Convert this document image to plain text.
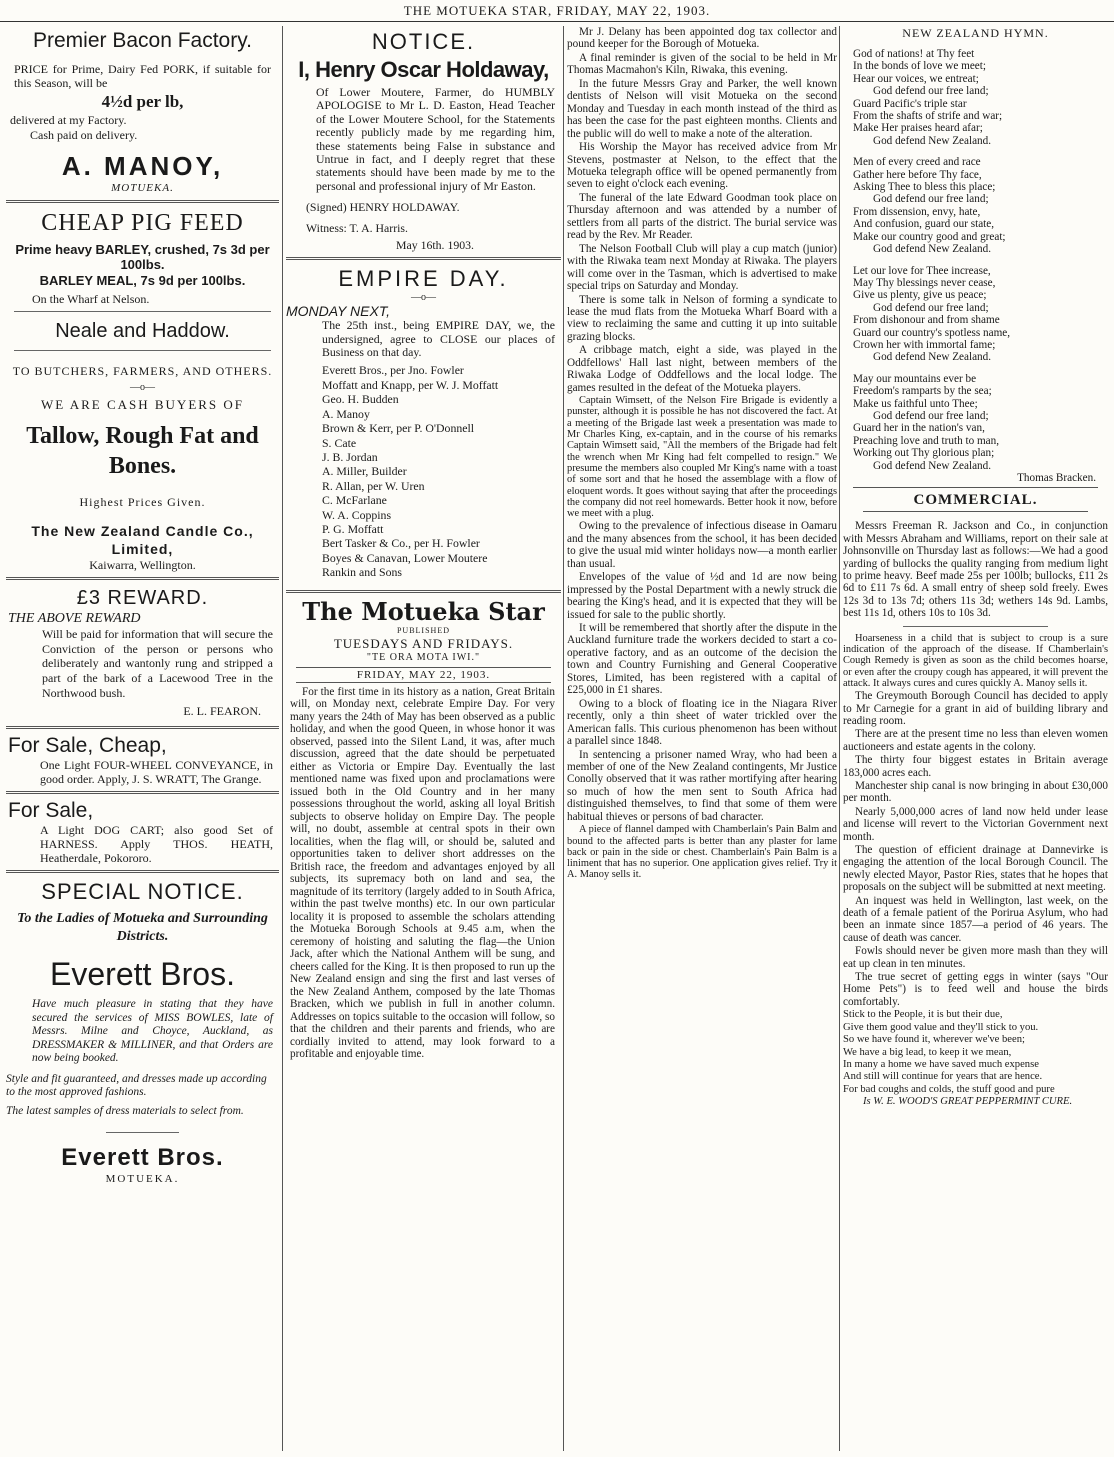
THE MOTUEKA STAR, FRIDAY, MAY 22, 1903.
Premier Bacon Factory.

PRICE for Prime, Dairy Fed PORK, if suitable for this Season, will be

4½d per lb,

delivered at my Factory.

Cash paid on delivery.

A. MANOY,
MOTUEKA.
CHEAP PIG FEED

Prime heavy BARLEY, crushed, 7s 3d per 100lbs.

BARLEY MEAL, 7s 9d per 100lbs.

On the Wharf at Nelson.

Neale and Haddow.

TO BUTCHERS, FARMERS, AND OTHERS.

—o—

WE ARE CASH BUYERS OF

Tallow, Rough Fat and Bones.

Highest Prices Given.

The New Zealand Candle Co., Limited,
Kaiwarra, Wellington.
£3 REWARD.
THE ABOVE REWARD

Will be paid for information that will secure the Conviction of the person or persons who deliberately and wantonly rung and stripped a part of the bark of a Lacewood Tree in the Northwood bush.

E. L. FEARON.

For Sale, Cheap,

One Light FOUR-WHEEL CONVEYANCE, in good order. Apply, J. S. WRATT, The Grange.

For Sale,

A Light DOG CART; also good Set of HARNESS. Apply THOS. HEATH, Heatherdale, Pokororo.

SPECIAL NOTICE.
To the Ladies of Motueka and Surrounding Districts.
Everett Bros.

Have much pleasure in stating that they have secured the services of MISS BOWLES, late of Messrs. Milne and Choyce, Auckland, as DRESSMAKER & MILLINER, and that Orders are now being booked.

Style and fit guaranteed, and dresses made up according to the most approved fashions.

The latest samples of dress materials to select from.

Everett Bros.
MOTUEKA.
NOTICE.
I, Henry Oscar Holdaway,

Of Lower Moutere, Farmer, do HUMBLY APOLOGISE to Mr L. D. Easton, Head Teacher of the Lower Moutere School, for the Statements recently publicly made by me regarding him, these statements being False in substance and Untrue in fact, and I deeply regret that these statements should have been made by me to the personal and professional injury of Mr Easton.

(Signed) HENRY HOLDAWAY.

Witness: T. A. Harris.

May 16th. 1903.

EMPIRE DAY.
—o—
MONDAY NEXT,

The 25th inst., being EMPIRE DAY, we, the undersigned, agree to CLOSE our places of Business on that day.

Everett Bros., per Jno. Fowler

Moffatt and Knapp, per W. J. Moffatt

Geo. H. Budden

A. Manoy

Brown & Kerr, per P. O'Donnell

S. Cate

J. B. Jordan

A. Miller, Builder

R. Allan, per W. Uren

C. McFarlane

W. A. Coppins

P. G. Moffatt

Bert Tasker & Co., per H. Fowler

Boyes & Canavan, Lower Moutere

Rankin and Sons

The Motueka Star
PUBLISHED
TUESDAYS AND FRIDAYS.
"TE ORA MOTA IWI."
FRIDAY, MAY 22, 1903.

For the first time in its history as a nation, Great Britain will, on Monday next, celebrate Empire Day. For very many years the 24th of May has been observed as a public holiday, and when the good Queen, in whose honor it was observed, passed into the Silent Land, it was, after much discussion, agreed that the date should be perpetuated either as Victoria or Empire Day. Eventually the last mentioned name was fixed upon and proclamations were issued both in the Old Country and in her many possessions throughout the world, asking all loyal British subjects to observe holiday on Empire Day. The people will, no doubt, assemble at central spots in their own localities, when the flag will, or should be, saluted and opportunities taken to deliver short addresses on the British race, the freedom and advantages enjoyed by all subjects, its supremacy both on land and sea, the magnitude of its territory (largely added to in South Africa, within the past twelve months) etc. In our own particular locality it is proposed to assemble the scholars attending the Motueka Borough Schools at 9.45 a.m, when the ceremony of hoisting and saluting the flag—the Union Jack, after which the National Anthem will be sung, and cheers called for the King. It is then proposed to run up the New Zealand ensign and sing the first and last verses of the New Zealand Anthem, composed by the late Thomas Bracken, which we publish in full in another column. Addresses on topics suitable to the occasion will follow, so that the children and their parents and friends, who are cordially invited to attend, may look forward to a profitable and enjoyable time.

Mr J. Delany has been appointed dog tax collector and pound keeper for the Borough of Motueka.

A final reminder is given of the social to be held in Mr Thomas Macmahon's Kiln, Riwaka, this evening.

In the future Messrs Gray and Parker, the well known dentists of Nelson will visit Motueka on the second Monday and Tuesday in each month instead of the third as has been the case for the past eighteen months. Clients and the public will do well to make a note of the alteration.

His Worship the Mayor has received advice from Mr Stevens, postmaster at Nelson, to the effect that the Motueka telegraph office will be opened permanently from seven to eight o'clock each evening.

The funeral of the late Edward Goodman took place on Thursday afternoon and was attended by a number of settlers from all parts of the district. The burial service was read by the Rev. Mr Reader.

The Nelson Football Club will play a cup match (junior) with the Riwaka team next Monday at Riwaka. The players will come over in the Tasman, which is advertised to make special trips on Saturday and Monday.

There is some talk in Nelson of forming a syndicate to lease the mud flats from the Motueka Wharf Board with a view to reclaiming the same and cutting it up into suitable grazing blocks.

A cribbage match, eight a side, was played in the Oddfellows' Hall last night, between members of the Riwaka Lodge of Oddfellows and the local lodge. The games resulted in the defeat of the Motueka players.

Captain Wimsett, of the Nelson Fire Brigade is evidently a punster, although it is possible he has not discovered the fact. At a meeting of the Brigade last week a presentation was made to Mr Charles King, ex-captain, and in the course of his remarks Captain Wimsett said, "All the members of the Brigade had felt the wrench when Mr King had felt compelled to resign." We presume the members also coupled Mr King's name with a toast of some sort and that he hosed the assemblage with a flow of eloquent words. It goes without saying that after the proceedings the company did not reel homewards. Better hook it now, before we meet with a plug.

Owing to the prevalence of infectious disease in Oamaru and the many absences from the school, it has been decided to give the usual mid winter holidays now—a month earlier than usual.

Envelopes of the value of ½d and 1d are now being impressed by the Postal Department with a newly struck die bearing the King's head, and it is expected that they will be issued for sale to the public shortly.

It will be remembered that shortly after the dispute in the Auckland furniture trade the workers decided to start a co-operative factory, and as an outcome of the decision the town and Country Furnishing and General Cooperative Stores, Limited, has been registered with a capital of £25,000 in £1 shares.

Owing to a block of floating ice in the Niagara River recently, only a thin sheet of water trickled over the American falls. This curious phenomenon has been without a parallel since 1848.

In sentencing a prisoner named Wray, who had been a member of one of the New Zealand contingents, Mr Justice Conolly observed that it was rather mortifying after hearing so much of how the men sent to South Africa had distinguished themselves, to find that some of them were habitual thieves or persons of bad character.

A piece of flannel damped with Chamberlain's Pain Balm and bound to the affected parts is better than any plaster for lame back or pain in the side or chest. Chamberlain's Pain Balm is a liniment that has no superior. One application gives relief. Try it A. Manoy sells it.

NEW ZEALAND HYMN.

God of nations! at Thy feet

In the bonds of love we meet;

Hear our voices, we entreat;

God defend our free land;

Guard Pacific's triple star

From the shafts of strife and war;

Make Her praises heard afar;

God defend New Zealand.

Men of every creed and race

Gather here before Thy face,

Asking Thee to bless this place;

God defend our free land;

From dissension, envy, hate,

And confusion, guard our state,

Make our country good and great;

God defend New Zealand.

Let our love for Thee increase,

May Thy blessings never cease,

Give us plenty, give us peace;

God defend our free land;

From dishonour and from shame

Guard our country's spotless name,

Crown her with immortal fame;

God defend New Zealand.

May our mountains ever be

Freedom's ramparts by the sea;

Make us faithful unto Thee;

God defend our free land;

Guard her in the nation's van,

Preaching love and truth to man,

Working out Thy glorious plan;

God defend New Zealand.

Thomas Bracken.

COMMERCIAL.

Messrs Freeman R. Jackson and Co., in conjunction with Messrs Abraham and Williams, report on their sale at Johnsonville on Thursday last as follows:—We had a good yarding of bullocks the quality ranging from medium light to prime heavy. Beef made 25s per 100lb; bullocks, £11 2s 6d to £11 7s 6d. A small entry of sheep sold freely. Ewes 12s 3d to 13s 7d; others 11s 3d; wethers 14s 9d. Lambs, best 11s 1d, others 10s to 10s 3d.

Hoarseness in a child that is subject to croup is a sure indication of the approach of the disease. If Chamberlain's Cough Remedy is given as soon as the child becomes hoarse, or even after the croupy cough has appeared, it will prevent the attack. It always cures and cures quickly A. Manoy sells it.

The Greymouth Borough Council has decided to apply to Mr Carnegie for a grant in aid of building library and reading room.

There are at the present time no less than eleven women auctioneers and estate agents in the colony.

The thirty four biggest estates in Britain average 183,000 acres each.

Manchester ship canal is now bringing in about £30,000 per month.

Nearly 5,000,000 acres of land now held under lease and license will revert to the Victorian Government next month.

The question of efficient drainage at Dannevirke is engaging the attention of the local Borough Council. The newly elected Mayor, Pastor Ries, states that he hopes that proposals on the subject will be submitted at next meeting.

An inquest was held in Wellington, last week, on the death of a female patient of the Porirua Asylum, who had been an inmate since 1857—a period of 46 years. The cause of death was cancer.

Fowls should never be given more mash than they will eat up clean in ten minutes.

The true secret of getting eggs in winter (says "Our Home Pets") is to feed well and house the birds comfortably.

Stick to the People, it is but their due,

Give them good value and they'll stick to you.

So we have found it, wherever we've been;

We have a big lead, to keep it we mean,

In many a home we have saved much expense

And still will continue for years that are hence.

For bad coughs and colds, the stuff good and pure

Is W. E. WOOD'S GREAT PEPPERMINT CURE.
